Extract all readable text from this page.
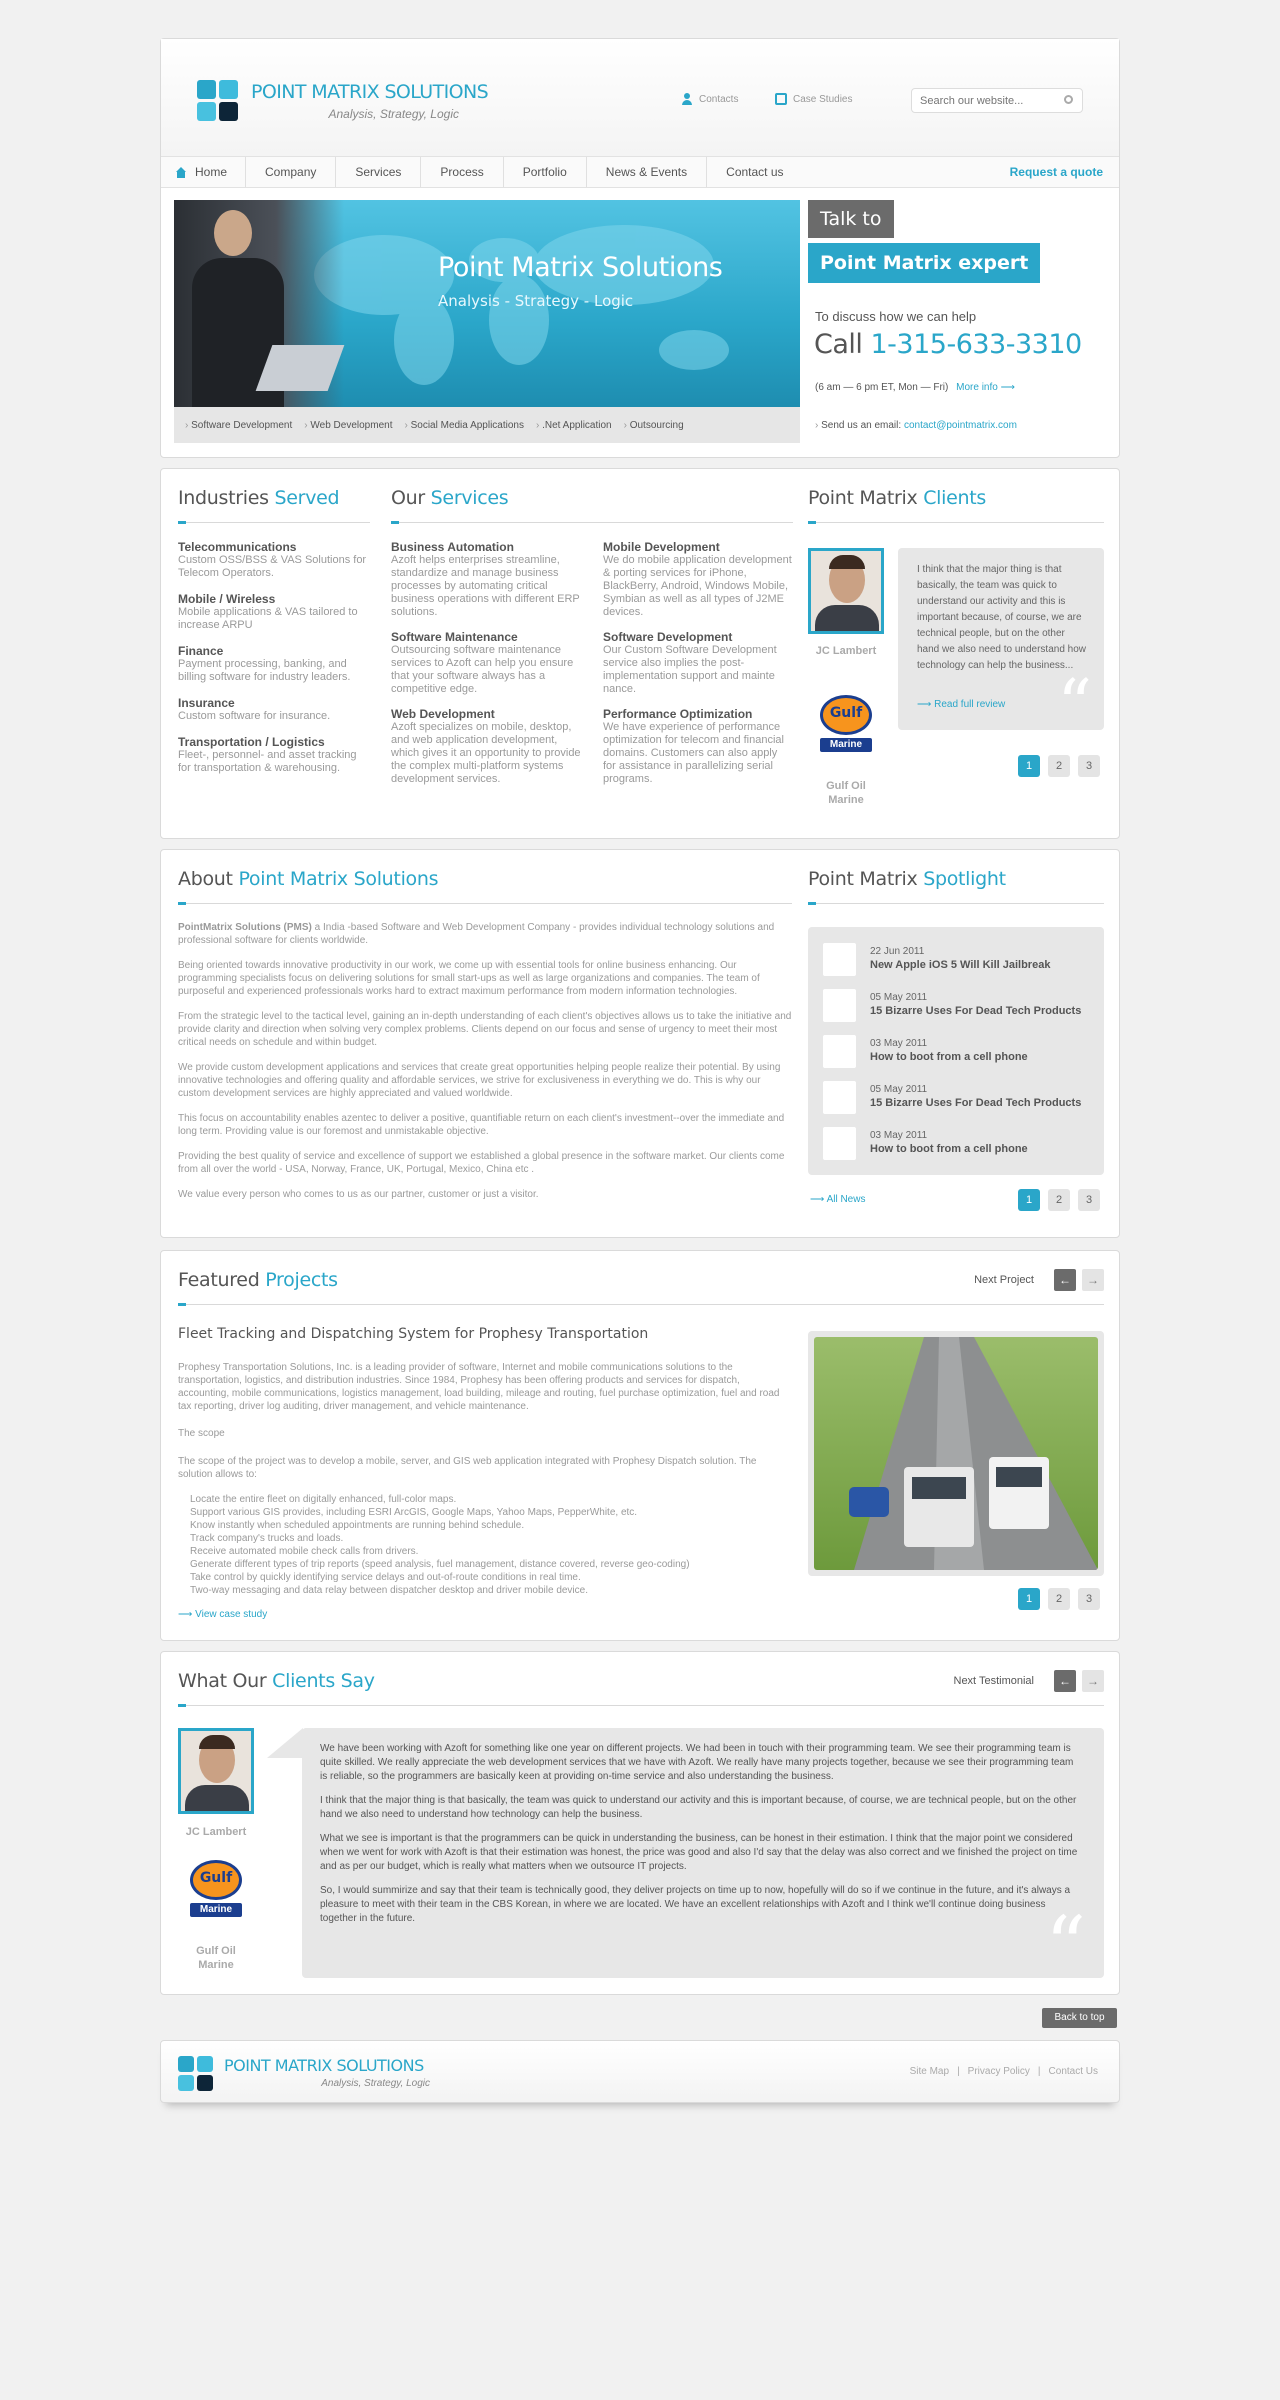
POINT MATRIX SOLUTIONS
Analysis, Strategy, Logic
Contacts	Case Studies
Search our website...
Home	Company	Services	Process	Portfolio	News & Events	Contact us	Request a quote
Point Matrix Solutions
Analysis - Strategy - Logic
› Software Development › Web Development › Social Media Applications › .Net Application › Outsourcing
Talk to
Point Matrix expert
To discuss how we can help
Call 1-315-633-3310
(6 am — 6 pm ET, Mon — Fri) More info ⟶
› Send us an email: contact@pointmatrix.com
Industries Served
Telecommunications
Custom OSS/BSS & VAS Solutions for Telecom Operators.
Mobile / Wireless
Mobile applications & VAS tailored to increase ARPU
Finance
Payment processing, banking, and billing software for industry leaders.
Insurance
Custom software for insurance.
Transportation / Logistics
Fleet-, personnel- and asset tracking for transportation & warehousing.
Our Services
Business Automation
Azoft helps enterprises streamline, standardize and manage business processes by automating critical business operations with different ERP solutions.
Mobile Development
We do mobile application development & porting services for iPhone, BlackBerry, Android, Windows Mobile, Symbian as well as all types of J2ME devices.
Software Maintenance
Outsourcing software maintenance services to Azoft can help you ensure that your software always has a competitive edge.
Software Development
Our Custom Software Development service also implies the post-implementation support and mainte nance.
Web Development
Azoft specializes on mobile, desktop, and web application development, which gives it an opportunity to provide the complex multi-platform systems development services.
Performance Optimization
We have experience of performance optimization for telecom and financial domains. Customers can also apply for assistance in parallelizing serial programs.
Point Matrix Clients
JC Lambert
Gulf
Marine
Gulf Oil Marine
I think that the major thing is that basically, the team was quick to understand our activity and this is important because, of course, we are technical people, but on the other hand we also need to understand how technology can help the business...
⟶ Read full review “
1	2	3
About Point Matrix Solutions
PointMatrix Solutions (PMS) a India -based Software and Web Development Company - provides individual technology solutions and professional software for clients worldwide.
Being oriented towards innovative productivity in our work, we come up with essential tools for online business enhancing. Our programming specialists focus on delivering solutions for small start-ups as well as large organizations and companies. The team of purposeful and experienced professionals works hard to extract maximum performance from modern information technologies.
From the strategic level to the tactical level, gaining an in-depth understanding of each client's objectives allows us to take the initiative and provide clarity and direction when solving very complex problems. Clients depend on our focus and sense of urgency to meet their most critical needs on schedule and within budget.
We provide custom development applications and services that create great opportunities helping people realize their potential. By using innovative technologies and offering quality and affordable services, we strive for exclusiveness in everything we do. This is why our custom development services are highly appreciated and valued worldwide.
This focus on accountability enables azentec to deliver a positive, quantifiable return on each client's investment--over the immediate and long term. Providing value is our foremost and unmistakable objective.
Providing the best quality of service and excellence of support we established a global presence in the software market. Our clients come from all over the world - USA, Norway, France, UK, Portugal, Mexico, China etc .
We value every person who comes to us as our partner, customer or just a visitor.
Point Matrix Spotlight
22 Jun 2011
New Apple iOS 5 Will Kill Jailbreak
05 May 2011
15 Bizarre Uses For Dead Tech Products
03 May 2011
How to boot from a cell phone
05 May 2011
15 Bizarre Uses For Dead Tech Products
03 May 2011
How to boot from a cell phone
⟶ All News	1	2	3
Featured Projects	Next Project	←	→
Fleet Tracking and Dispatching System for Prophesy Transportation
Prophesy Transportation Solutions, Inc. is a leading provider of software, Internet and mobile communications solutions to the transportation, logistics, and distribution industries. Since 1984, Prophesy has been offering products and services for dispatch, accounting, mobile communications, logistics management, load building, mileage and routing, fuel purchase optimization, fuel and road tax reporting, driver log auditing, driver management, and vehicle maintenance.
The scope
The scope of the project was to develop a mobile, server, and GIS web application integrated with Prophesy Dispatch solution. The solution allows to:
Locate the entire fleet on digitally enhanced, full-color maps.
Support various GIS provides, including ESRI ArcGIS, Google Maps, Yahoo Maps, PepperWhite, etc.
Know instantly when scheduled appointments are running behind schedule.
Track company's trucks and loads.
Receive automated mobile check calls from drivers.
Generate different types of trip reports (speed analysis, fuel management, distance covered, reverse geo-coding)
Take control by quickly identifying service delays and out-of-route conditions in real time.
Two-way messaging and data relay between dispatcher desktop and driver mobile device.
⟶ View case study
1	2	3
What Our Clients Say	Next Testimonial	←	→
JC Lambert
Gulf
Marine
Gulf Oil Marine
We have been working with Azoft for something like one year on different projects. We had been in touch with their programming team. We see their programming team is quite skilled. We really appreciate the web development services that we have with Azoft. We really have many projects together, because we see their programming team is reliable, so the programmers are basically keen at providing on-time service and also understanding the business.
I think that the major thing is that basically, the team was quick to understand our activity and this is important because, of course, we are technical people, but on the other hand we also need to understand how technology can help the business.
What we see is important is that the programmers can be quick in understanding the business, can be honest in their estimation. I think that the major point we considered when we went for work with Azoft is that their estimation was honest, the price was good and also I'd say that the delay was also correct and we finished the project on time and as per our budget, which is really what matters when we outsource IT projects.
So, I would summirize and say that their team is technically good, they deliver projects on time up to now, hopefully will do so if we continue in the future, and it's always a pleasure to meet with their team in the CBS Korean, in where we are located. We have an excellent relationships with Azoft and I think we'll continue doing business together in the future.	“
Back to top
POINT MATRIX SOLUTIONS
Analysis, Strategy, Logic
Site Map | Privacy Policy | Contact Us
